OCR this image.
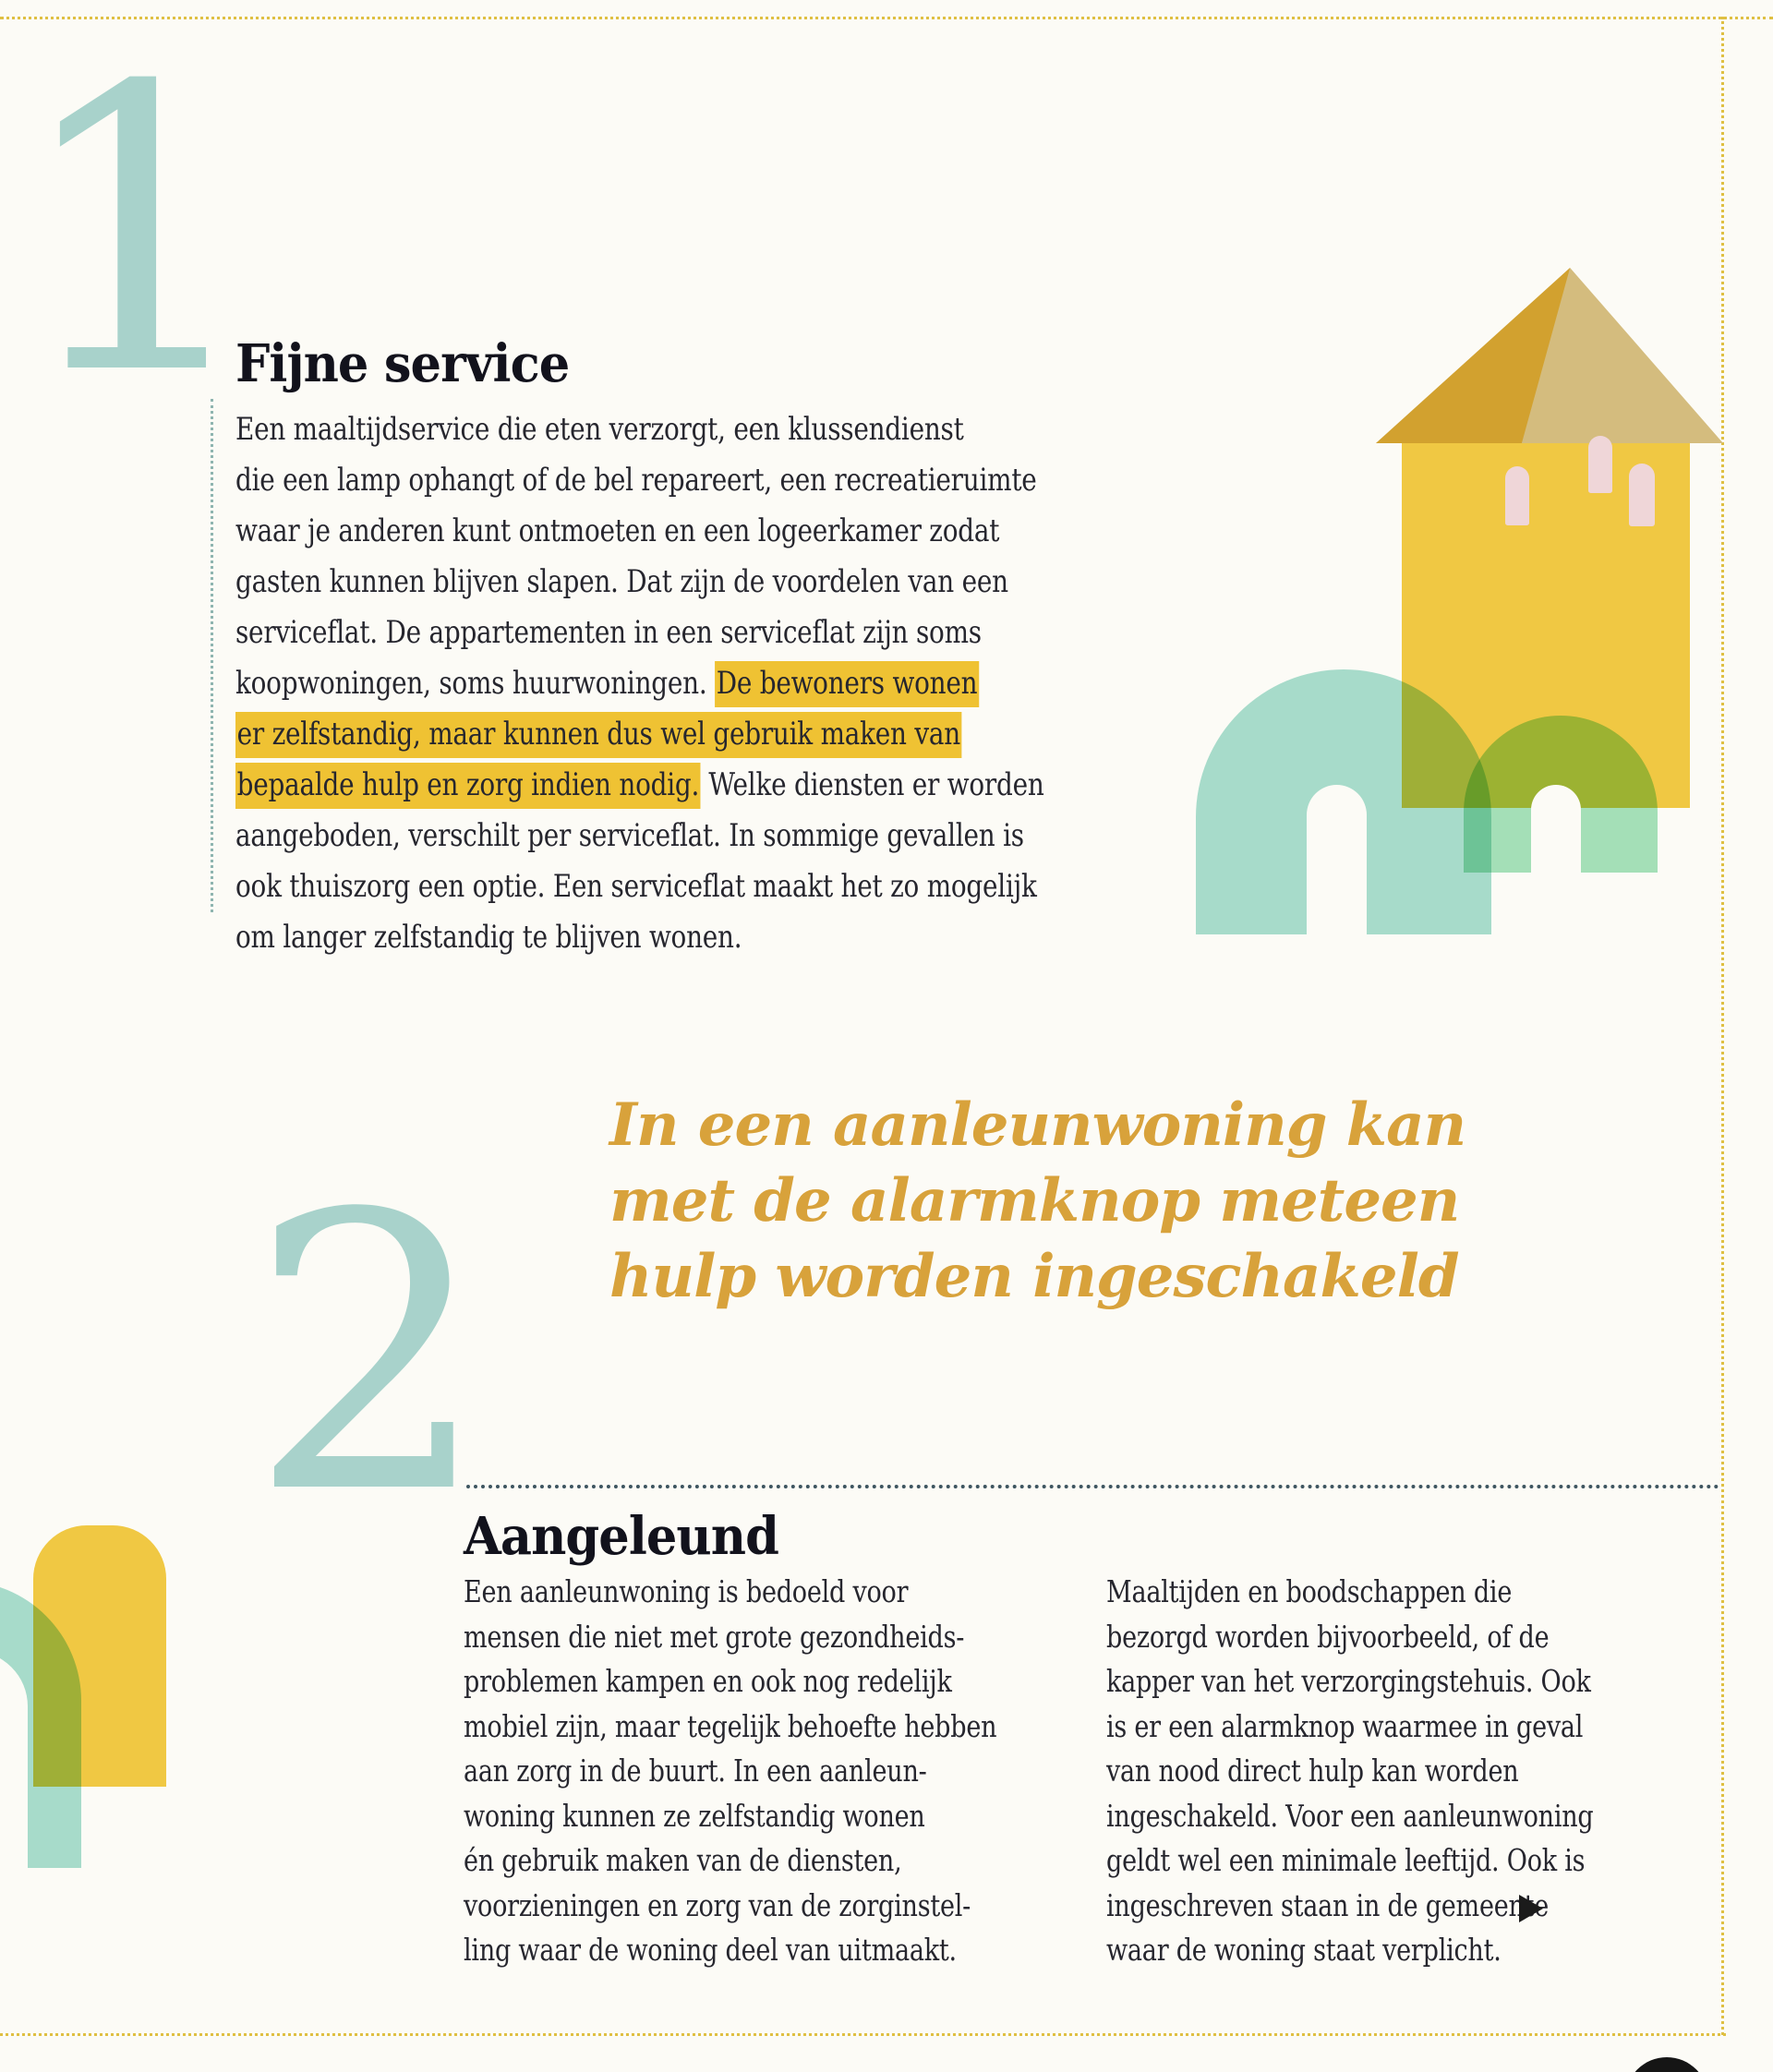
1
Fijne service
Een maaltijdservice die eten verzorgt, een klussendienst
die een lamp ophangt of de bel repareert, een recreatieruimte
waar je anderen kunt ontmoeten en een logeerkamer zodat
gasten kunnen blijven slapen. Dat zijn de voordelen van een
serviceflat. De appartementen in een serviceflat zijn soms
koopwoningen, soms huurwoningen. De bewoners wonen
er zelfstandig, maar kunnen dus wel gebruik maken van
bepaalde hulp en zorg indien nodig. Welke diensten er worden
aangeboden, verschilt per serviceflat. In sommige gevallen is
ook thuiszorg een optie. Een serviceflat maakt het zo mogelijk
om langer zelfstandig te blijven wonen.
In een aanleunwoning kan
met de alarmknop meteen
hulp worden ingeschakeld
2
Aangeleund
Een aanleunwoning is bedoeld voor
mensen die niet met grote gezondheids-
problemen kampen en ook nog redelijk
mobiel zijn, maar tegelijk behoefte hebben
aan zorg in de buurt. In een aanleun-
woning kunnen ze zelfstandig wonen
én gebruik maken van de diensten,
voorzieningen en zorg van de zorginstel-
ling waar de woning deel van uitmaakt.
Maaltijden en boodschappen die
bezorgd worden bijvoorbeeld, of de
kapper van het verzorgingstehuis. Ook
is er een alarmknop waarmee in geval
van nood direct hulp kan worden
ingeschakeld. Voor een aanleunwoning
geldt wel een minimale leeftijd. Ook is
ingeschreven staan in de gemeente
waar de woning staat verplicht.
